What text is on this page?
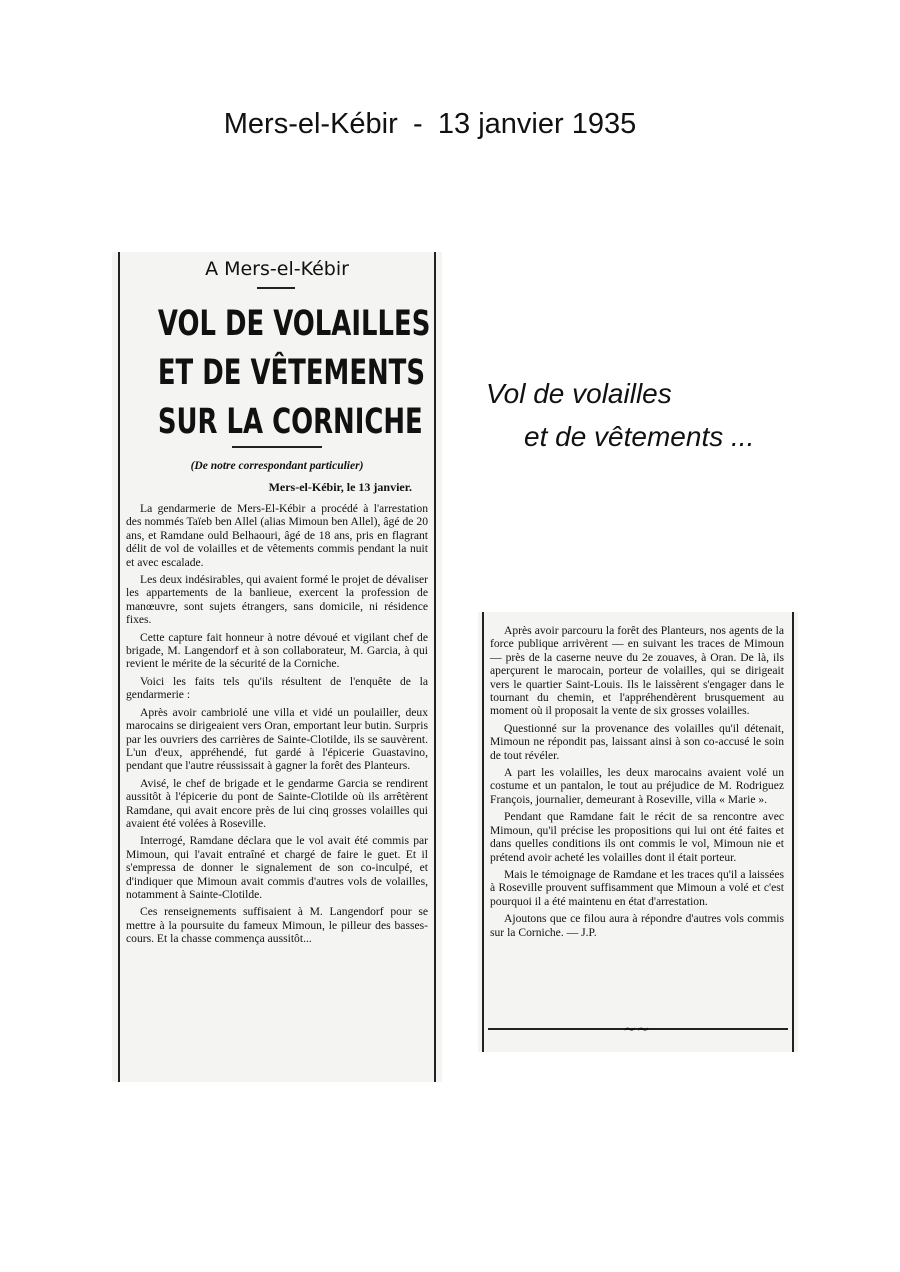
Mers-el-Kébir - 13 janvier 1935
A Mers-el-Kébir
VOL DE VOLAILLES
ET DE VÊTEMENTS
SUR LA CORNICHE
(De notre correspondant particulier)
Mers-el-Kébir, le 13 janvier.

La gendarmerie de Mers-El-Kébir a procédé à l'arrestation des nommés Taïeb ben Allel (alias Mimoun ben Allel), âgé de 20 ans, et Ramdane ould Belhaouri, âgé de 18 ans, pris en flagrant délit de vol de volailles et de vêtements commis pendant la nuit et avec escalade.

Les deux indésirables, qui avaient formé le projet de dévaliser les appartements de la banlieue, exercent la profession de manœuvre, sont sujets étrangers, sans domicile, ni résidence fixes.

Cette capture fait honneur à notre dévoué et vigilant chef de brigade, M. Langendorf et à son collaborateur, M. Garcia, à qui revient le mérite de la sécurité de la Corniche.

Voici les faits tels qu'ils résultent de l'enquête de la gendarmerie :

Après avoir cambriolé une villa et vidé un poulailler, deux marocains se dirigeaient vers Oran, emportant leur butin. Surpris par les ouvriers des carrières de Sainte-Clotilde, ils se sauvèrent. L'un d'eux, appréhendé, fut gardé à l'épicerie Guastavino, pendant que l'autre réussissait à gagner la forêt des Planteurs.

Avisé, le chef de brigade et le gendarme Garcia se rendirent aussitôt à l'épicerie du pont de Sainte-Clotilde où ils arrêtèrent Ramdane, qui avait encore près de lui cinq grosses volailles qui avaient été volées à Roseville.

Interrogé, Ramdane déclara que le vol avait été commis par Mimoun, qui l'avait entraîné et chargé de faire le guet. Et il s'empressa de donner le signalement de son co-inculpé, et d'indiquer que Mimoun avait commis d'autres vols de volailles, notamment à Sainte-Clotilde.

Ces renseignements suffisaient à M. Langendorf pour se mettre à la poursuite du fameux Mimoun, le pilleur des basses-cours. Et la chasse commença aussitôt...

Vol de volailles
et de vêtements ...

Après avoir parcouru la forêt des Planteurs, nos agents de la force publique arrivèrent — en suivant les traces de Mimoun — près de la caserne neuve du 2e zouaves, à Oran. De là, ils aperçurent le marocain, porteur de volailles, qui se dirigeait vers le quartier Saint-Louis. Ils le laissèrent s'engager dans le tournant du chemin, et l'appréhendèrent brusquement au moment où il proposait la vente de six grosses volailles.

Questionné sur la provenance des volailles qu'il détenait, Mimoun ne répondit pas, laissant ainsi à son co-accusé le soin de tout révéler.

A part les volailles, les deux marocains avaient volé un costume et un pantalon, le tout au préjudice de M. Rodriguez François, journalier, demeurant à Roseville, villa « Marie ».

Pendant que Ramdane fait le récit de sa rencontre avec Mimoun, qu'il précise les propositions qui lui ont été faites et dans quelles conditions ils ont commis le vol, Mimoun nie et prétend avoir acheté les volailles dont il était porteur.

Mais le témoignage de Ramdane et les traces qu'il a laissées à Roseville prouvent suffisamment que Mimoun a volé et c'est pourquoi il a été maintenu en état d'arrestation.

Ajoutons que ce filou aura à répondre d'autres vols commis sur la Corniche. — J.P.

~~
